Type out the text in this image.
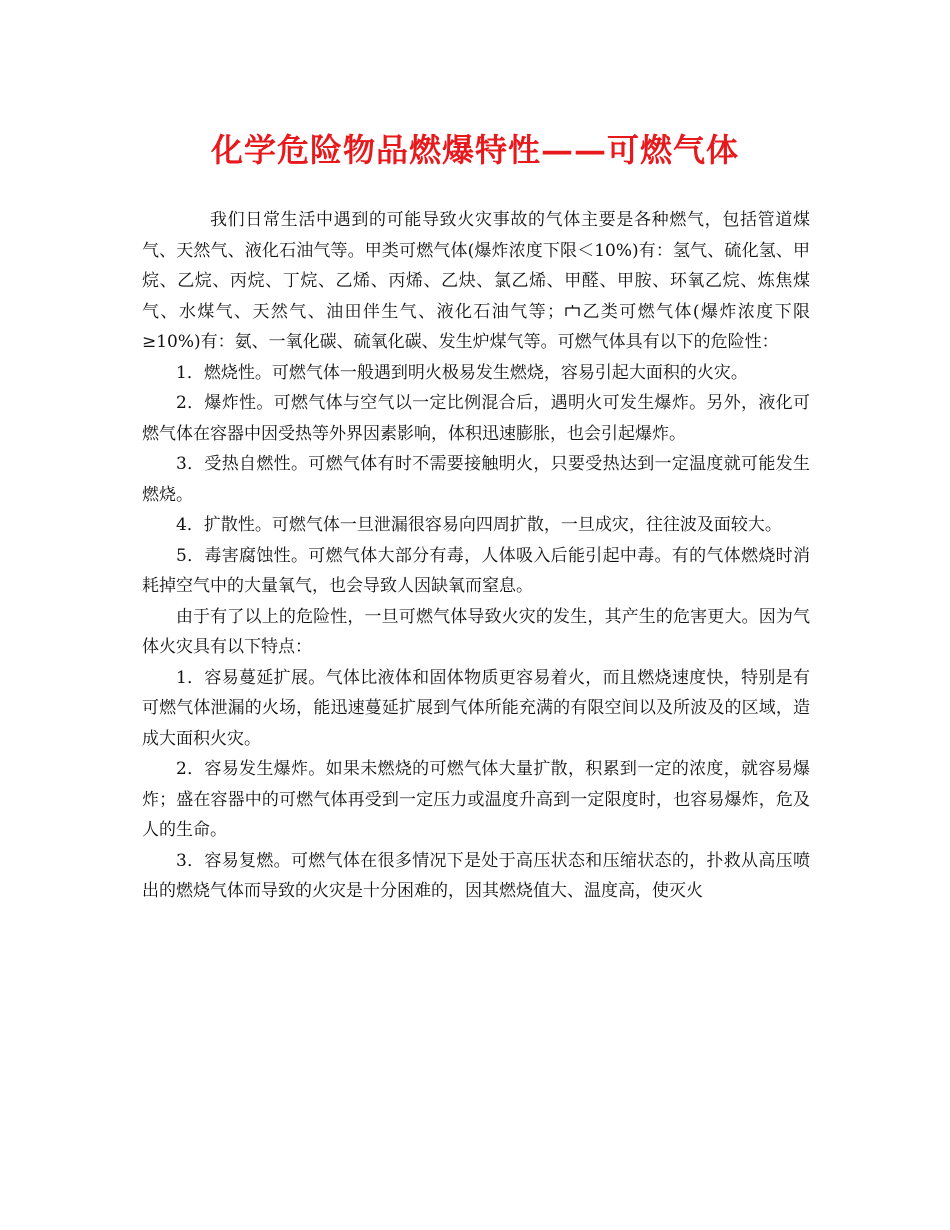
化学危险物品燃爆特性——可燃气体

我们日常生活中遇到的可能导致火灾事故的气体主要是各种燃气，包括管道煤气、天然气、液化石油气等。甲类可燃气体(爆炸浓度下限＜10%)有：氢气、硫化氢、甲烷、乙烷、丙烷、丁烷、乙烯、丙烯、乙炔、氯乙烯、甲醛、甲胺、环氧乙烷、炼焦煤气、水煤气、天然气、油田伴生气、液化石油气等； 乙类可燃气体(爆炸浓度下限≥10%)有：氨、一氧化碳、硫氧化碳、发生炉煤气等。可燃气体具有以下的危险性：

1．燃烧性。可燃气体一般遇到明火极易发生燃烧，容易引起大面积的火灾。

2．爆炸性。可燃气体与空气以一定比例混合后，遇明火可发生爆炸。另外，液化可燃气体在容器中因受热等外界因素影响，体积迅速膨胀，也会引起爆炸。

3．受热自燃性。可燃气体有时不需要接触明火，只要受热达到一定温度就可能发生燃烧。

4．扩散性。可燃气体一旦泄漏很容易向四周扩散，一旦成灾，往往波及面较大。

5．毒害腐蚀性。可燃气体大部分有毒，人体吸入后能引起中毒。有的气体燃烧时消耗掉空气中的大量氧气，也会导致人因缺氧而窒息。

由于有了以上的危险性，一旦可燃气体导致火灾的发生，其产生的危害更大。因为气体火灾具有以下特点：

1．容易蔓延扩展。气体比液体和固体物质更容易着火，而且燃烧速度快，特别是有可燃气体泄漏的火场，能迅速蔓延扩展到气体所能充满的有限空间以及所波及的区域，造成大面积火灾。

2．容易发生爆炸。如果未燃烧的可燃气体大量扩散，积累到一定的浓度，就容易爆炸；盛在容器中的可燃气体再受到一定压力或温度升高到一定限度时，也容易爆炸，危及人的生命。

3．容易复燃。可燃气体在很多情况下是处于高压状态和压缩状态的，扑救从高压喷出的燃烧气体而导致的火灾是十分困难的，因其燃烧值大、温度高，使灭火
